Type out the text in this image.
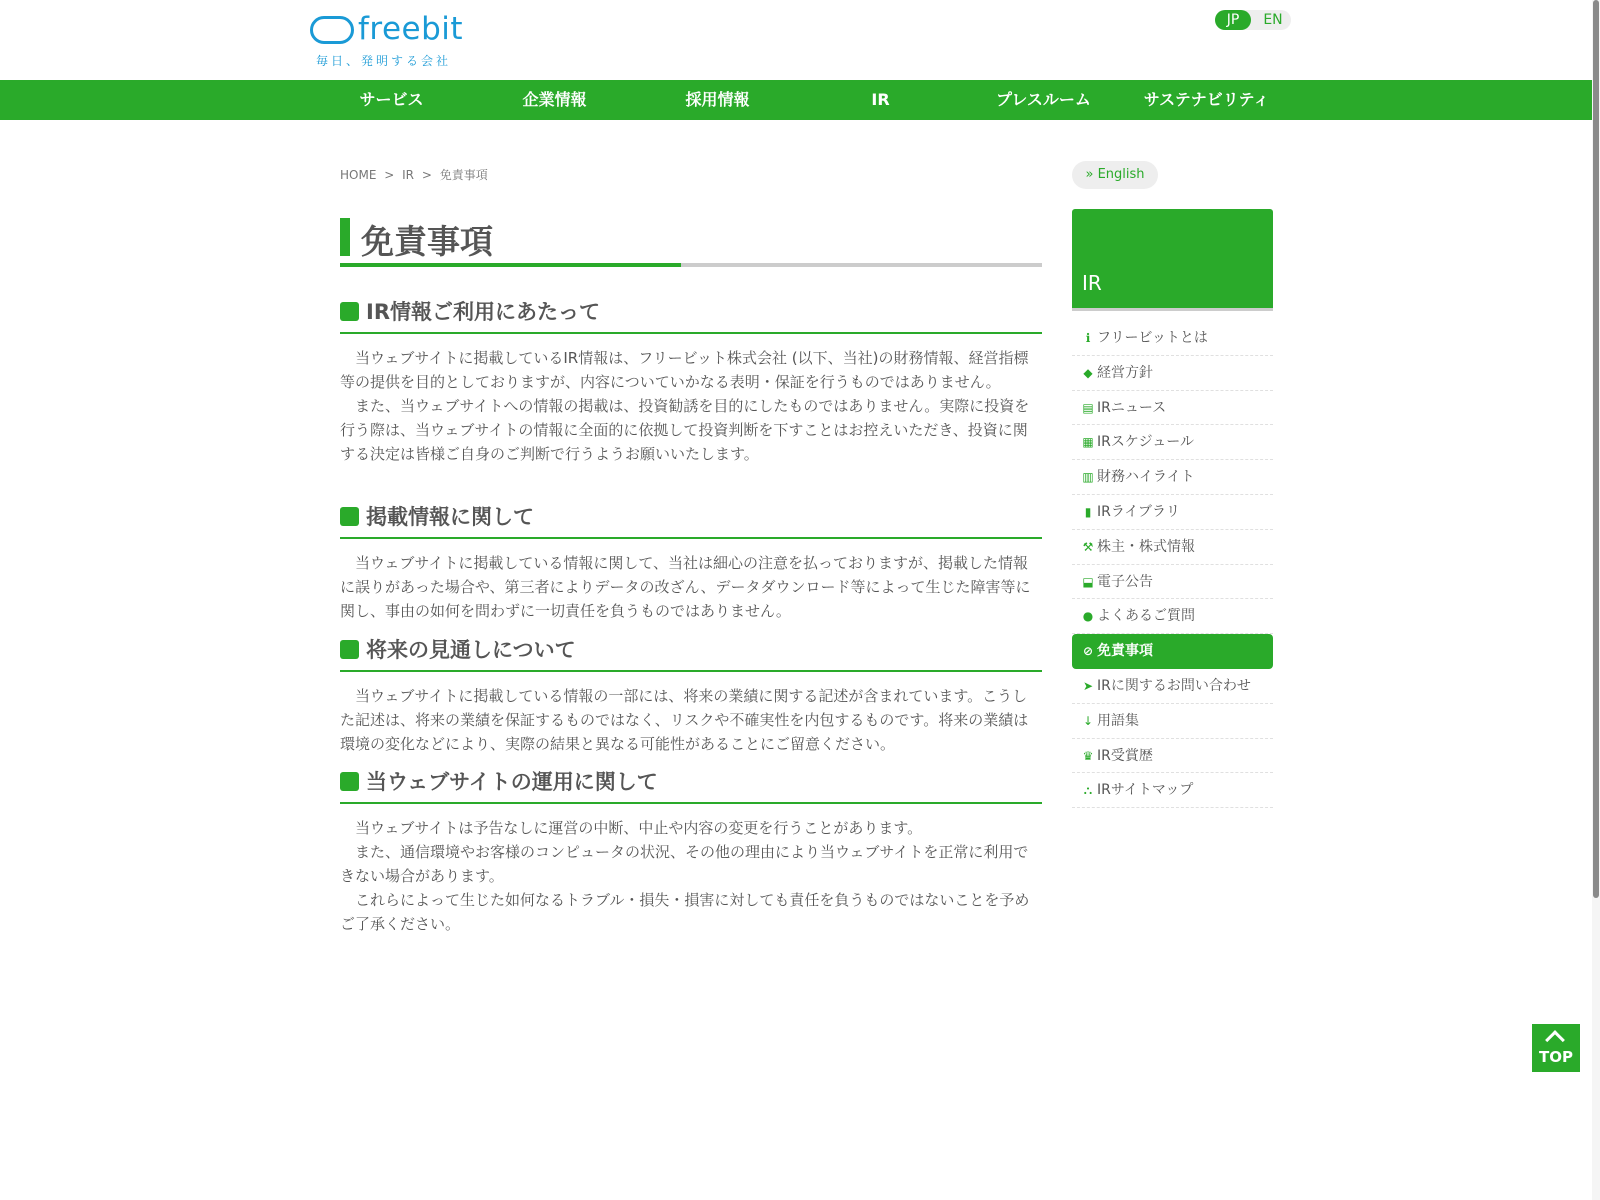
freebit
毎日、発明する会社
JP	EN
サービス	企業情報	採用情報	IR	プレスルーム	サステナビリティ
HOME > IR > 免責事項
免責事項
IR情報ご利用にあたって

当ウェブサイトに掲載しているIR情報は、フリービット株式会社 (以下、当社)の財務情報、経営指標等の提供を目的としておりますが、内容についていかなる表明・保証を行うものではありません。

また、当ウェブサイトへの情報の掲載は、投資勧誘を目的にしたものではありません。実際に投資を行う際は、当ウェブサイトの情報に全面的に依拠して投資判断を下すことはお控えいただき、投資に関する決定は皆様ご自身のご判断で行うようお願いいたします。

掲載情報に関して

当ウェブサイトに掲載している情報に関して、当社は細心の注意を払っておりますが、掲載した情報に誤りがあった場合や、第三者によりデータの改ざん、データダウンロード等によって生じた障害等に関し、事由の如何を問わずに一切責任を負うものではありません。

将来の見通しについて

当ウェブサイトに掲載している情報の一部には、将来の業績に関する記述が含まれています。こうした記述は、将来の業績を保証するものではなく、リスクや不確実性を内包するものです。将来の業績は環境の変化などにより、実際の結果と異なる可能性があることにご留意ください。

当ウェブサイトの運用に関して

当ウェブサイトは予告なしに運営の中断、中止や内容の変更を行うことがあります。

また、通信環境やお客様のコンピュータの状況、その他の理由により当ウェブサイトを正常に利用できない場合があります。

これらによって生じた如何なるトラブル・損失・損害に対しても責任を負うものではないことを予めご了承ください。

» English
IR
ℹ フリービットとは
◆ 経営方針
▤ IRニュース
▦ IRスケジュール
▥ 財務ハイライト
▮ IRライブラリ
⚒ 株主・株式情報
⬓ 電子公告
● よくあるご質問
⊘ 免責事項
➤ IRに関するお問い合わせ
↓ 用語集
♛ IR受賞歴
⛬ IRサイトマップ
TOP
